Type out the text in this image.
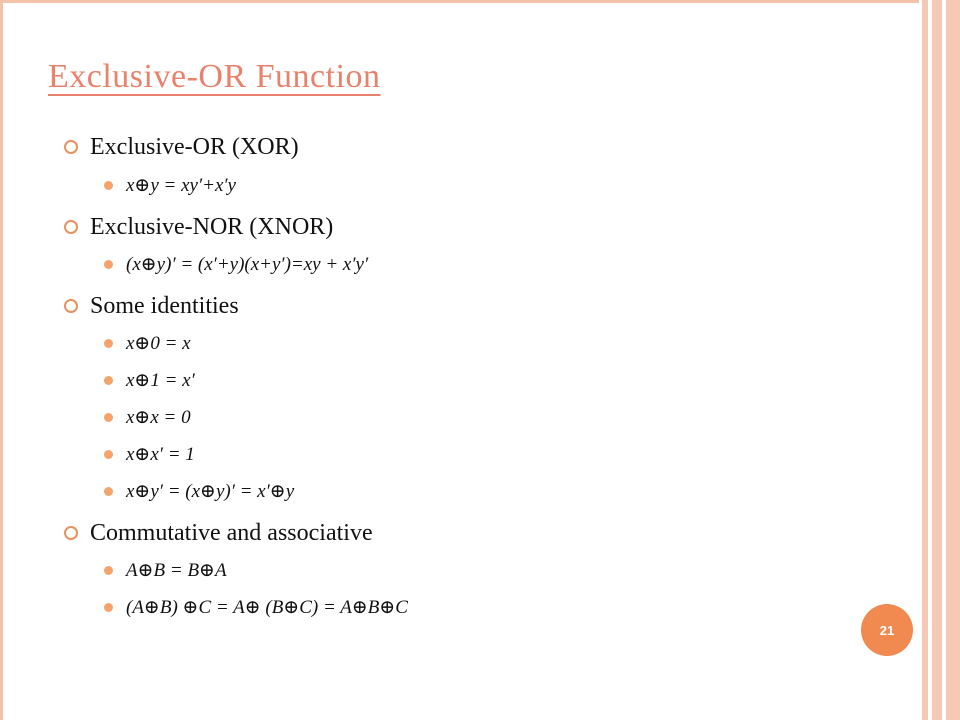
Exclusive-OR Function
Exclusive-OR (XOR)
x⊕y = xy′+x′y
Exclusive-NOR (XNOR)
(x⊕y)′ = (x′+y)(x+y′)=xy + x′y′
Some identities
x⊕0 = x
x⊕1 = x′
x⊕x = 0
x⊕x′ = 1
x⊕y′ = (x⊕y)′ = x′⊕y
Commutative and associative
A⊕B = B⊕A
(A⊕B) ⊕C = A⊕ (B⊕C) = A⊕B⊕C
21
